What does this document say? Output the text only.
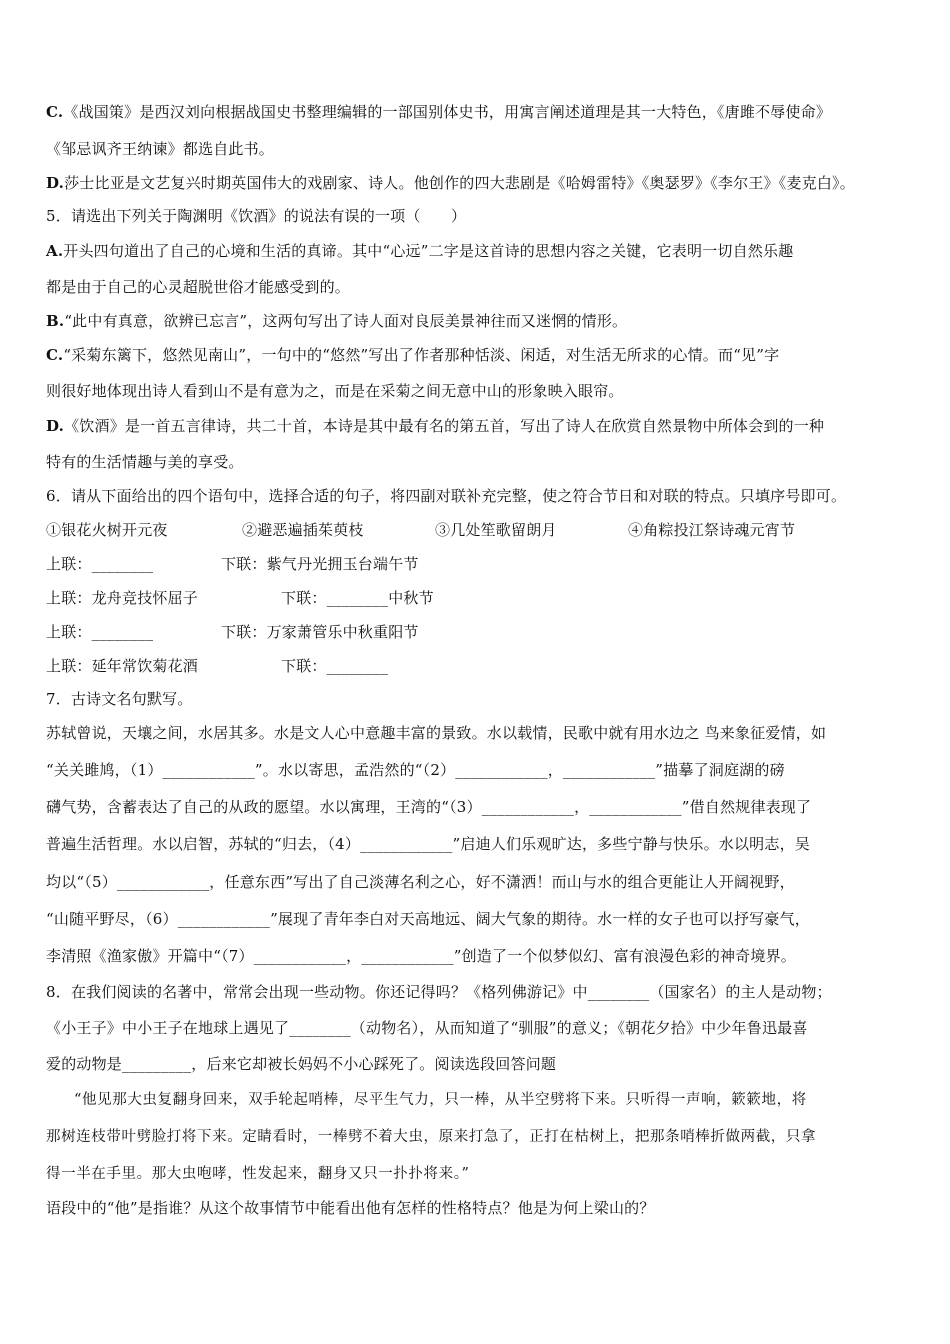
C.《战国策》是西汉刘向根据战国史书整理编辑的一部国别体史书，用寓言阐述道理是其一大特色，《唐雎不辱使命》
《邹忌讽齐王纳谏》都选自此书。
D.莎士比亚是文艺复兴时期英国伟大的戏剧家、诗人。他创作的四大悲剧是《哈姆雷特》《奥瑟罗》《李尔王》《麦克白》。
5．请选出下列关于陶渊明《饮酒》的说法有误的一项（　　）
A.开头四句道出了自己的心境和生活的真谛。其中“心远”二字是这首诗的思想内容之关键，它表明一切自然乐趣
都是由于自己的心灵超脱世俗才能感受到的。
B.“此中有真意，欲辨已忘言”，这两句写出了诗人面对良辰美景神往而又迷惘的情形。
C.“采菊东篱下，悠然见南山”，一句中的“悠然”写出了作者那种恬淡、闲适，对生活无所求的心情。而“见”字
则很好地体现出诗人看到山不是有意为之，而是在采菊之间无意中山的形象映入眼帘。
D.《饮酒》是一首五言律诗，共二十首，本诗是其中最有名的第五首，写出了诗人在欣赏自然景物中所体会到的一种
特有的生活情趣与美的享受。
6．请从下面给出的四个语句中，选择合适的句子，将四副对联补充完整，使之符合节日和对联的特点。只填序号即可。
①银花火树开元夜	②避恶遍插茱萸枝	③几处笙歌留朗月	④角粽投江祭诗魂元宵节
上联：________	下联：紫气丹光拥玉台端午节
上联：龙舟竞技怀屈子	下联：________中秋节
上联：________	下联：万家萧管乐中秋重阳节
上联：延年常饮菊花酒	下联：________
7．古诗文名句默写。
苏轼曾说，天壤之间，水居其多。水是文人心中意趣丰富的景致。水以载情，民歌中就有用水边之 鸟来象征爱情，如
“关关雎鸠，（1）____________”。水以寄思，孟浩然的“（2）____________，____________”描摹了洞庭湖的磅
礴气势，含蓄表达了自己的从政的愿望。水以寓理，王湾的“（3）____________，____________”借自然规律表现了
普遍生活哲理。水以启智，苏轼的“归去，（4）____________”启迪人们乐观旷达，多些宁静与快乐。水以明志，吴
均以“（5）____________，任意东西”写出了自己淡薄名利之心，好不潇洒！而山与水的组合更能让人开阔视野，
“山随平野尽，（6）____________”展现了青年李白对天高地远、阔大气象的期待。水一样的女子也可以抒写豪气，
李清照《渔家傲》开篇中“（7）____________，____________”创造了一个似梦似幻、富有浪漫色彩的神奇境界。
8．在我们阅读的名著中，常常会出现一些动物。你还记得吗？《格列佛游记》中________（国家名）的主人是动物；
《小王子》中小王子在地球上遇见了________（动物名），从而知道了“驯服”的意义；《朝花夕拾》中少年鲁迅最喜
爱的动物是_________，后来它却被长妈妈不小心踩死了。阅读选段回答问题
“他见那大虫复翻身回来，双手轮起哨棒，尽平生气力，只一棒，从半空劈将下来。只听得一声响，簌簌地，将
那树连枝带叶劈脸打将下来。定睛看时，一棒劈不着大虫，原来打急了，正打在枯树上，把那条哨棒折做两截，只拿
得一半在手里。那大虫咆哮，性发起来，翻身又只一扑扑将来。”
语段中的“他”是指谁？从这个故事情节中能看出他有怎样的性格特点？他是为何上梁山的？
